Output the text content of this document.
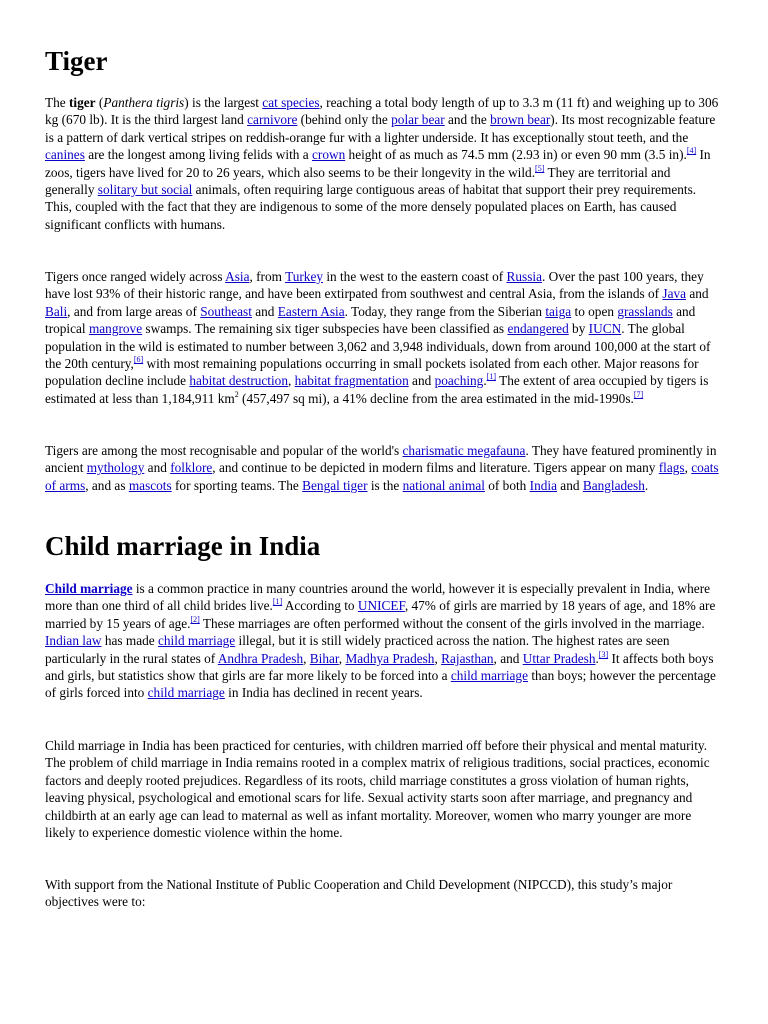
Tiger

The tiger (Panthera tigris) is the largest cat species, reaching a total body length of up to 3.3 m (11 ft) and weighing up to 306 kg (670 lb). It is the third largest land carnivore (behind only the polar bear and the brown bear). Its most recognizable feature is a pattern of dark vertical stripes on reddish-orange fur with a lighter underside. It has exceptionally stout teeth, and the canines are the longest among living felids with a crown height of as much as 74.5 mm (2.93 in) or even 90 mm (3.5 in).[4] In zoos, tigers have lived for 20 to 26 years, which also seems to be their longevity in the wild.[5] They are territorial and generally solitary but social animals, often requiring large contiguous areas of habitat that support their prey requirements. This, coupled with the fact that they are indigenous to some of the more densely populated places on Earth, has caused significant conflicts with humans.

Tigers once ranged widely across Asia, from Turkey in the west to the eastern coast of Russia. Over the past 100 years, they have lost 93% of their historic range, and have been extirpated from southwest and central Asia, from the islands of Java and Bali, and from large areas of Southeast and Eastern Asia. Today, they range from the Siberian taiga to open grasslands and tropical mangrove swamps. The remaining six tiger subspecies have been classified as endangered by IUCN. The global population in the wild is estimated to number between 3,062 and 3,948 individuals, down from around 100,000 at the start of the 20th century,[6] with most remaining populations occurring in small pockets isolated from each other. Major reasons for population decline include habitat destruction, habitat fragmentation and poaching.[1] The extent of area occupied by tigers is estimated at less than 1,184,911 $km^2$ (457,497 sq mi), a 41% decline from the area estimated in the mid-1990s.[7]

Tigers are among the most recognisable and popular of the world's charismatic megafauna. They have featured prominently in ancient mythology and folklore, and continue to be depicted in modern films and literature. Tigers appear on many flags, coats of arms, and as mascots for sporting teams. The Bengal tiger is the national animal of both India and Bangladesh.

Child marriage in India

Child marriage is a common practice in many countries around the world, however it is especially prevalent in India, where more than one third of all child brides live.[1] According to UNICEF, 47% of girls are married by 18 years of age, and 18% are married by 15 years of age.[2] These marriages are often performed without the consent of the girls involved in the marriage. Indian law has made child marriage illegal, but it is still widely practiced across the nation. The highest rates are seen particularly in the rural states of Andhra Pradesh, Bihar, Madhya Pradesh, Rajasthan, and Uttar Pradesh.[3] It affects both boys and girls, but statistics show that girls are far more likely to be forced into a child marriage than boys; however the percentage of girls forced into child marriage in India has declined in recent years.

Child marriage in India has been practiced for centuries, with children married off before their physical and mental maturity. The problem of child marriage in India remains rooted in a complex matrix of religious traditions, social practices, economic factors and deeply rooted prejudices. Regardless of its roots, child marriage constitutes a gross violation of human rights, leaving physical, psychological and emotional scars for life. Sexual activity starts soon after marriage, and pregnancy and childbirth at an early age can lead to maternal as well as infant mortality. Moreover, women who marry younger are more likely to experience domestic violence within the home.

With support from the National Institute of Public Cooperation and Child Development (NIPCCD), this study’s major objectives were to:
